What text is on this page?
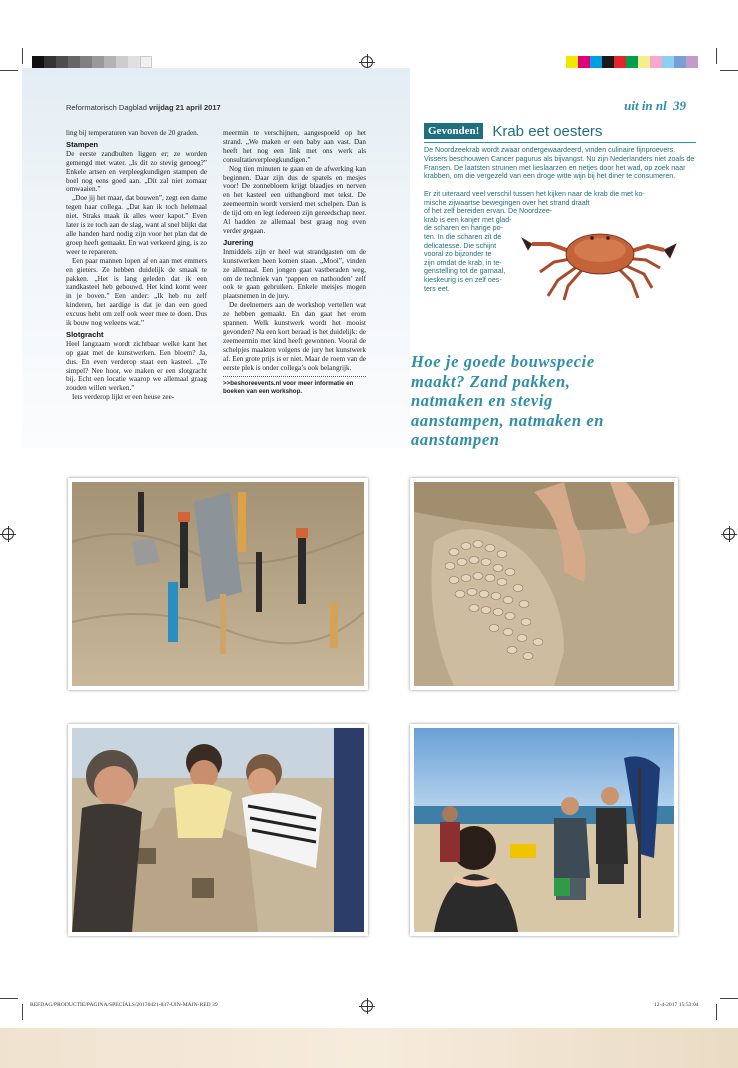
Reformatorisch Dagblad vrijdag 21 april 2017	uit in nl 39

ling bij temperaturen van boven de 20 graden.

Stampen

De eerste zandbulten liggen er; ze worden gemengd met water. „Is dit zo stevig genoeg?” Enkele artsen en verpleegkundigen stampen de boel nog eens goed aan. „Dit zal niet zomaar omwaaien.”

„Doe jij het maar, dat bouwen”, zegt een dame tegen haar collega. „Dat kan ik toch helemaal niet. Straks maak ik alles weer kapot.” Even later is ze toch aan de slag, want al snel blijkt dat alle handen hard nodig zijn voor het plan dat de groep heeft gemaakt. En wat verkeerd ging, is zo weer te repareren.

Een paar mannen lopen af en aan met emmers en gieters. Ze hebben duidelijk de smaak te pakken. „Het is lang geleden dat ik een zandkasteel heb gebouwd. Het kind komt weer in je boven.” Een ander: „Ik heb nu zelf kinderen, het aardige is dat je dan een goed excuus hebt om zelf ook weer mee te doen. Dus ik bouw nog weleens wat.”

Slotgracht

Heel langzaam wordt zichtbaar welke kant het op gaat met de kunstwerken. Een bloem? Ja, dus. En even verderop staat een kasteel. „Te simpel? Nee hoor, we maken er een slotgracht bij. Echt een locatie waarop we allemaal graag zouden willen werken.”

Iets verderop lijkt er een heuse zee-

meermin te verschijnen, aangespoeld op het strand. „We maken er een baby aan vast. Dan heeft het nog een link met ons werk als consultatieverpleegkundigen.”

Nog tien minuten te gaan en de afwerking kan beginnen. Daar zijn dus de spatels en mesjes voor! De zonnebloem krijgt blaadjes en nerven en het kasteel een uithangbord met tekst. De zeemeermin wordt versierd met schelpen. Dan is de tijd om en legt iedereen zijn gereedschap neer. Al hadden ze allemaal best graag nog even verder gegaan.

Jurering

Inmiddels zijn er heel wat strandgasten om de kunstwerken heen komen staan. „Mooi”, vinden ze allemaal. Een jongen gaat vastberaden weg, om de techniek van ‘pappen en nathouden’ zelf ook te gaan gebruiken. Enkele meisjes mogen plaatsnemen in de jury.

De deelnemers aan de workshop vertellen wat ze hebben gemaakt. En dan gaat het erom spannen. Welk kunstwerk wordt het mooist gevonden? Na een kort beraad is het duidelijk: de zeemeermin met kind heeft gewonnen. Vooral de schelpjes maakten volgens de jury het kunstwerk af. Een grote prijs is er niet. Maar de roem van de eerste plek is onder collega’s ook belangrijk.

>>beshoreevents.nl voor meer informatie en boeken van een workshop.
Gevonden! Krab eet oesters
De Noordzeekrab wordt zwaar ondergewaardeerd, vinden culinaire fijnproevers. Vissers beschouwen Cancer pagurus als bijvangst. Nu zijn Nederlanders niet zoals de Fransen. De laatsten struinen met lieslaarzen en netjes door het wad, op zoek naar krabben, om die vergezeld van een droge witte wijn bij het diner te consumeren.
Er zit uiteraard veel verschil tussen het kijken naar de krab die met ko-
mische zijwaartse bewegingen over het strand draaft
of het zelf bereiden ervan. De Noordzee-
krab is een kanjer met glad-
de scharen en harige po-
ten. In die scharen zit de
delicatesse. Die schijnt
vooral zo bijzonder te
zijn omdat de krab, in te-
genstelling tot de garnaal,
kieskeurig is en zelf oes-
ters eet.
Hoe je goede bouwspecie
maakt? Zand pakken,
natmaken en stevig
aanstampen, natmaken en
aanstampen
REFDAG/PRODUCTIE/PAGINA/SPECIALS/20170421-837-UIN-MAIN-RED 39	12-4-2017 15:53:04
